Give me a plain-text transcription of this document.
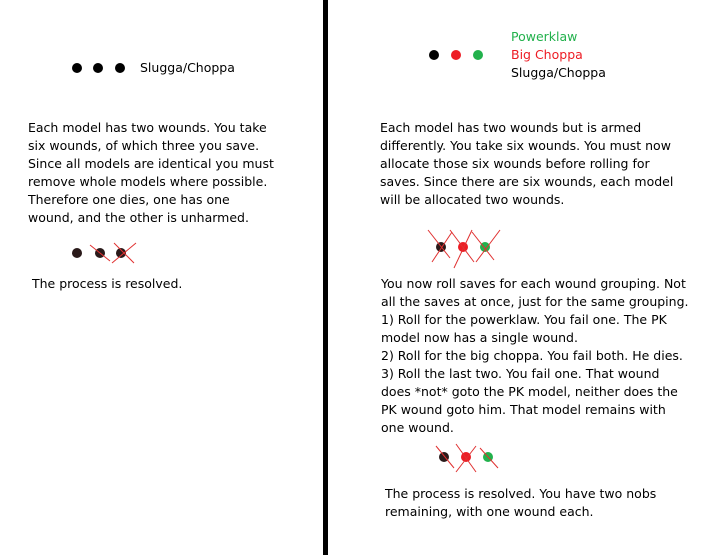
Slugga/Choppa

Each model has two wounds. You take
six wounds, of which three you save.
Since all models are identical you must
remove whole models where possible.
Therefore one dies, one has one
wound, and the other is unharmed.

The process is resolved.

Powerklaw

Big Choppa

Slugga/Choppa

Each model has two wounds but is armed
differently. You take six wounds. You must now
allocate those six wounds before rolling for
saves. Since there are six wounds, each model
will be allocated two wounds.

You now roll saves for each wound grouping. Not
all the saves at once, just for the same grouping.
1) Roll for the powerklaw. You fail one. The PK
model now has a single wound.
2) Roll for the big choppa. You fail both. He dies.
3) Roll the last two. You fail one. That wound
does *not* goto the PK model, neither does the
PK wound goto him. That model remains with
one wound.

The process is resolved. You have two nobs
remaining, with one wound each.
